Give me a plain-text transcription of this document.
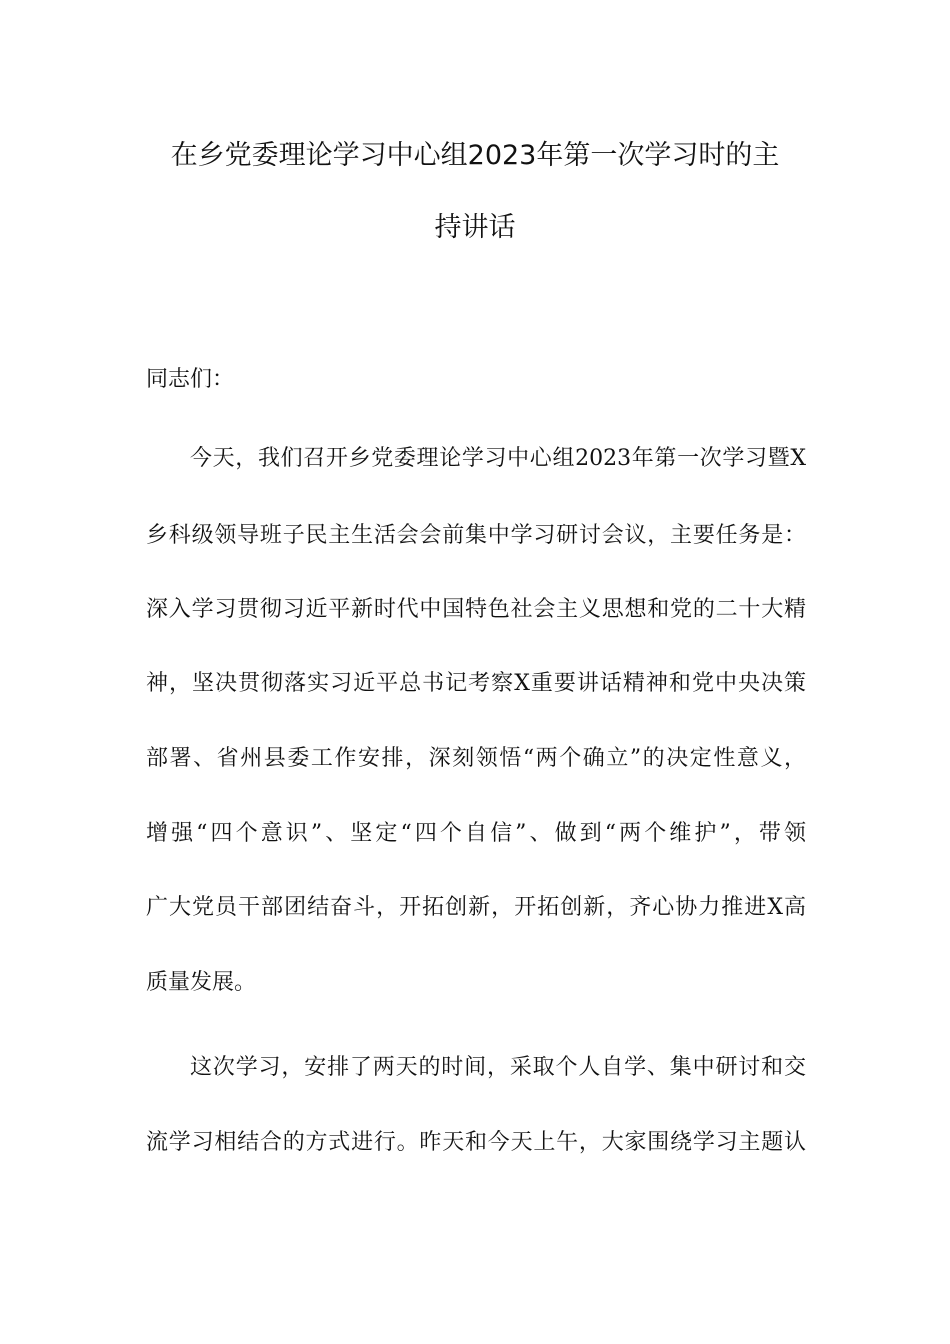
在乡党委理论学习中心组2023年第一次学习时的主
持讲话
同志们：
今天，我们召开乡党委理论学习中心组2023年第一次学习暨X
乡科级领导班子民主生活会会前集中学习研讨会议，主要任务是：
深入学习贯彻习近平新时代中国特色社会主义思想和党的二十大精
神，坚决贯彻落实习近平总书记考察X重要讲话精神和党中央决策
部署、省州县委工作安排，深刻领悟“两个确立”的决定性意义，
增强“四个意识”、坚定“四个自信”、做到“两个维护”，带领
广大党员干部团结奋斗，开拓创新，开拓创新，齐心协力推进X高
质量发展。
这次学习，安排了两天的时间，采取个人自学、集中研讨和交
流学习相结合的方式进行。昨天和今天上午，大家围绕学习主题认
